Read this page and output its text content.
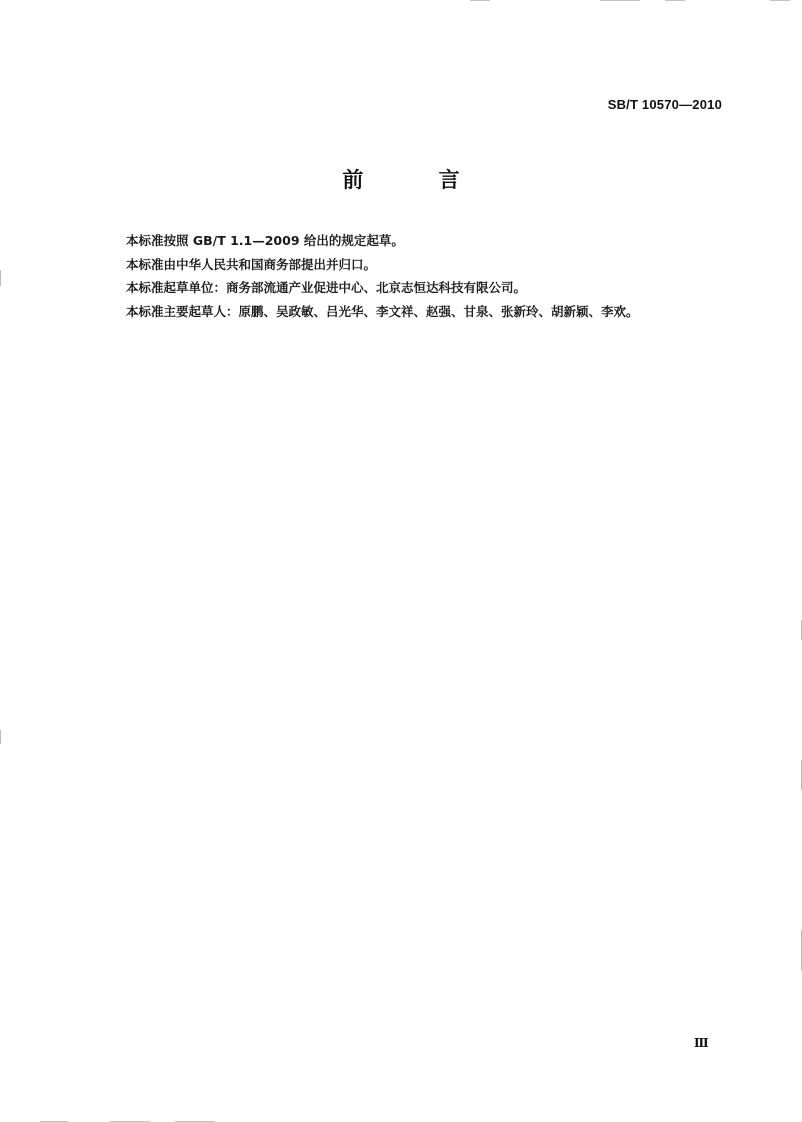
SB/T 10570—2010
前 言
本标准按照 GB/T 1.1—2009 给出的规定起草。
本标准由中华人民共和国商务部提出并归口。
本标准起草单位：商务部流通产业促进中心、北京志恒达科技有限公司。
本标准主要起草人：原鹏、吴政敏、吕光华、李文祥、赵强、甘泉、张新玲、胡新颖、李欢。
Ⅲ
